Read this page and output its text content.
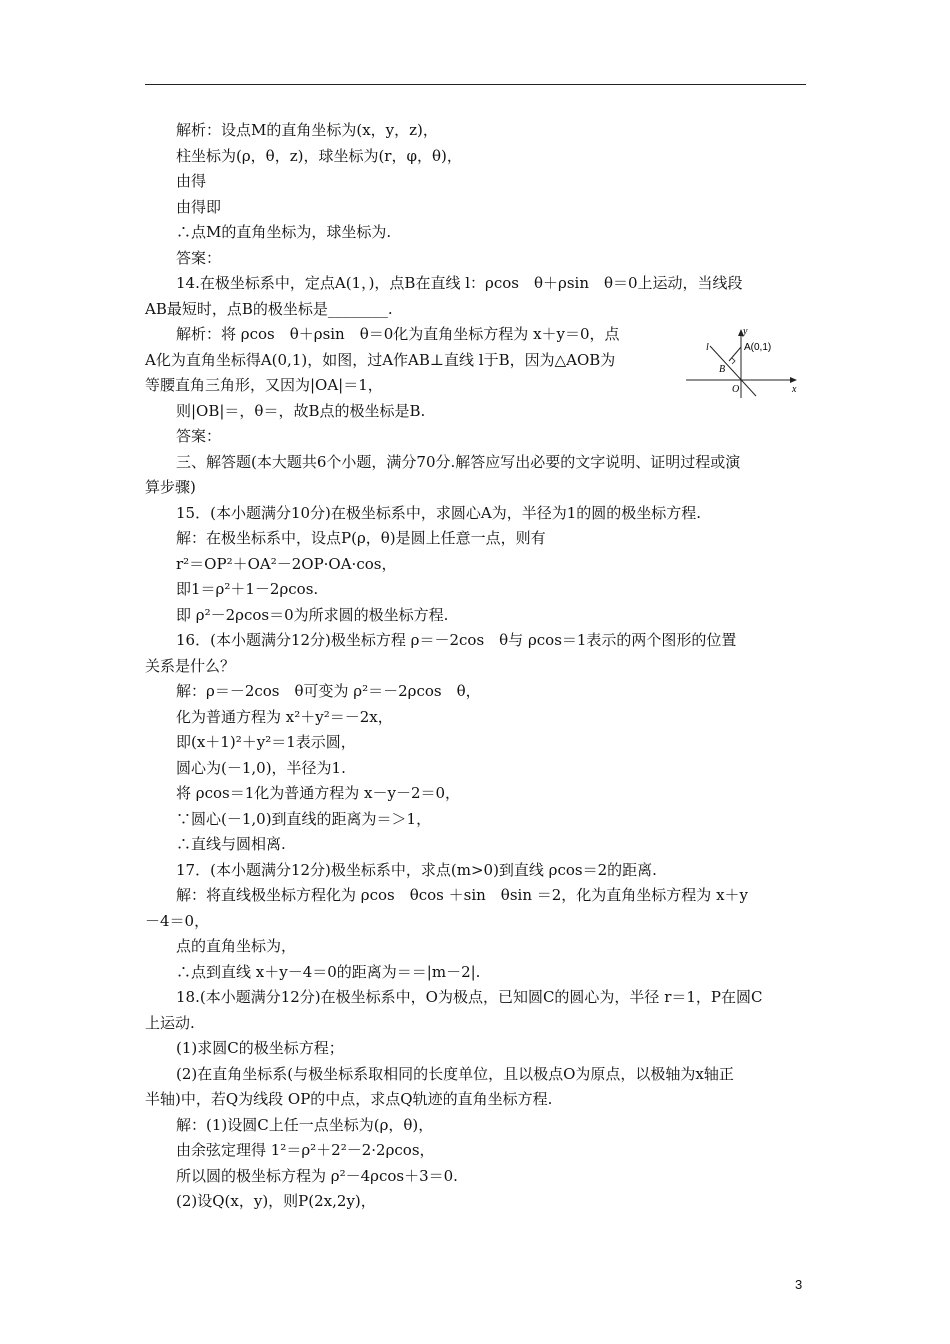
解析：设点M的直角坐标为(x，y，z)，
柱坐标为(ρ，θ，z)，球坐标为(r，φ，θ)，
由得
由得即
∴点M的直角坐标为，球坐标为.
答案：
14.在极坐标系中，定点A(1，)，点B在直线 l：ρcos　θ＋ρsin　θ＝0上运动，当线段
AB最短时，点B的极坐标是________.
解析：将 ρcos　θ＋ρsin　θ＝0化为直角坐标方程为 x＋y＝0，点
A化为直角坐标得A(0,1)，如图，过A作AB⊥直线 l于B，因为△AOB为
等腰直角三角形，又因为|OA|＝1，
则|OB|＝，θ＝，故B点的极坐标是B.
答案：
三、解答题(本大题共6个小题，满分70分.解答应写出必要的文字说明、证明过程或演
算步骤)
15．(本小题满分10分)在极坐标系中，求圆心A为，半径为1的圆的极坐标方程.
解：在极坐标系中，设点P(ρ，θ)是圆上任意一点，则有
r²＝OP²＋OA²－2OP·OA·cos，
即1＝ρ²＋1－2ρcos.
即 ρ²－2ρcos＝0为所求圆的极坐标方程.
16．(本小题满分12分)极坐标方程 ρ＝－2cos　θ与 ρcos＝1表示的两个图形的位置
关系是什么？
解：ρ＝－2cos　θ可变为 ρ²＝－2ρcos　θ，
化为普通方程为 x²＋y²＝－2x，
即(x＋1)²＋y²＝1表示圆，
圆心为(－1,0)，半径为1.
将 ρcos＝1化为普通方程为 x－y－2＝0，
∵圆心(－1,0)到直线的距离为＝＞1，
∴直线与圆相离.
17．(本小题满分12分)极坐标系中，求点(m>0)到直线 ρcos＝2的距离.
解：将直线极坐标方程化为 ρcos　θcos ＋sin　θsin ＝2，化为直角坐标方程为 x＋y
－4＝0，
点的直角坐标为，
∴点到直线 x＋y－4＝0的距离为＝＝|m－2|.
18.(本小题满分12分)在极坐标系中，O为极点，已知圆C的圆心为，半径 r＝1，P在圆C
上运动.
(1)求圆C的极坐标方程；
(2)在直角坐标系(与极坐标系取相同的长度单位，且以极点O为原点，以极轴为x轴正
半轴)中，若Q为线段 OP的中点，求点Q轨迹的直角坐标方程.
解：(1)设圆C上任一点坐标为(ρ，θ)，
由余弦定理得 1²＝ρ²＋2²－2·2ρcos，
所以圆的极坐标方程为 ρ²－4ρcos＋3＝0.
(2)设Q(x，y)，则P(2x,2y)，
y
x
A(0,1)
B
O
l
3
